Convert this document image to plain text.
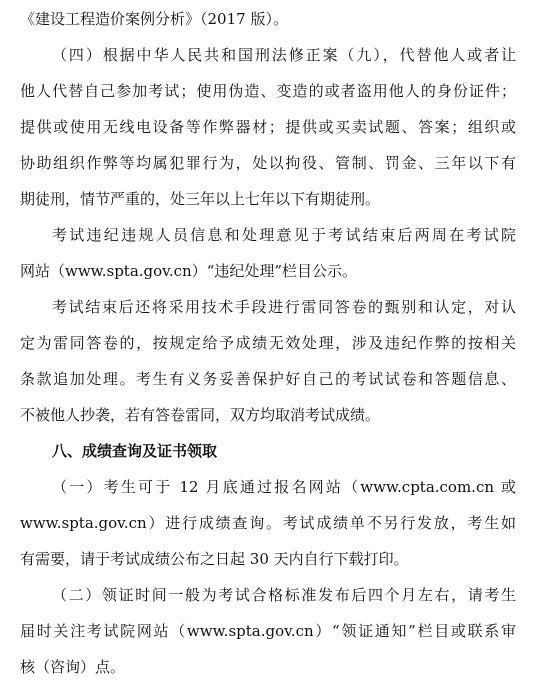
《建设工程造价案例分析》（2017 版）。
（四）根据中华人民共和国刑法修正案（九），代替他人或者让
他人代替自己参加考试；使用伪造、变造的或者盗用他人的身份证件；
提供或使用无线电设备等作弊器材；提供或买卖试题、答案；组织或
协助组织作弊等均属犯罪行为，处以拘役、管制、罚金、三年以下有
期徒刑，情节严重的，处三年以上七年以下有期徒刑。
考试违纪违规人员信息和处理意见于考试结束后两周在考试院
网站（www.spta.gov.cn）“违纪处理”栏目公示。
考试结束后还将采用技术手段进行雷同答卷的甄别和认定，对认
定为雷同答卷的，按规定给予成绩无效处理，涉及违纪作弊的按相关
条款追加处理。考生有义务妥善保护好自己的考试试卷和答题信息、
不被他人抄袭，若有答卷雷同，双方均取消考试成绩。
八、成绩查询及证书领取
（一）考生可于 12 月底通过报名网站（www.cpta.com.cn 或
www.spta.gov.cn）进行成绩查询。考试成绩单不另行发放，考生如
有需要，请于考试成绩公布之日起 30 天内自行下载打印。
（二）领证时间一般为考试合格标准发布后四个月左右，请考生
届时关注考试院网站（www.spta.gov.cn）“领证通知”栏目或联系审
核（咨询）点。
